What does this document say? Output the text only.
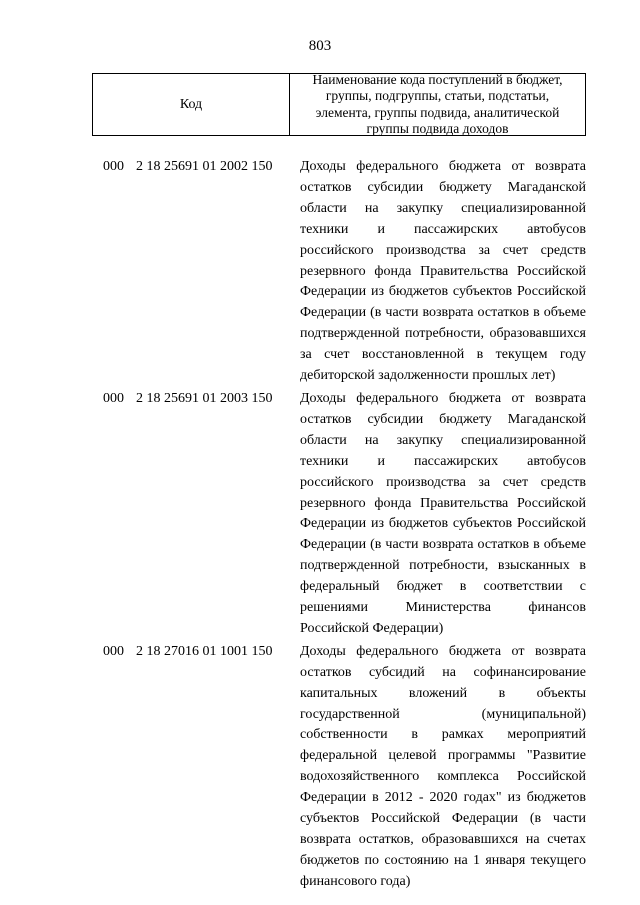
803
Код
Наименование кода поступлений в бюджет, группы, подгруппы, статьи, подстатьи, элемента, группы подвида, аналитической группы подвида доходов
000 2 18 25691 01 2002 150	Доходы федерального бюджета от возврата остатков субсидии бюджету Магаданской области на закупку специализированной техники и пассажирских автобусов российского производства за счет средств резервного фонда Правительства Российской Федерации из бюджетов субъектов Российской Федерации (в части возврата остатков в объеме подтвержденной потребности, образовавшихся за счет восстановленной в текущем году дебиторской задолженности прошлых лет)
000 2 18 25691 01 2003 150	Доходы федерального бюджета от возврата остатков субсидии бюджету Магаданской области на закупку специализированной техники и пассажирских автобусов российского производства за счет средств резервного фонда Правительства Российской Федерации из бюджетов субъектов Российской Федерации (в части возврата остатков в объеме подтвержденной потребности, взысканных в федеральный бюджет в соответствии с решениями Министерства финансов Российской Федерации)
000 2 18 27016 01 1001 150	Доходы федерального бюджета от возврата остатков субсидий на софинансирование капитальных вложений в объекты государственной (муниципальной) собственности в рамках мероприятий федеральной целевой программы "Развитие водохозяйственного комплекса Российской Федерации в 2012 - 2020 годах" из бюджетов субъектов Российской Федерации (в части возврата остатков, образовавшихся на счетах бюджетов по состоянию на 1 января текущего финансового года)
